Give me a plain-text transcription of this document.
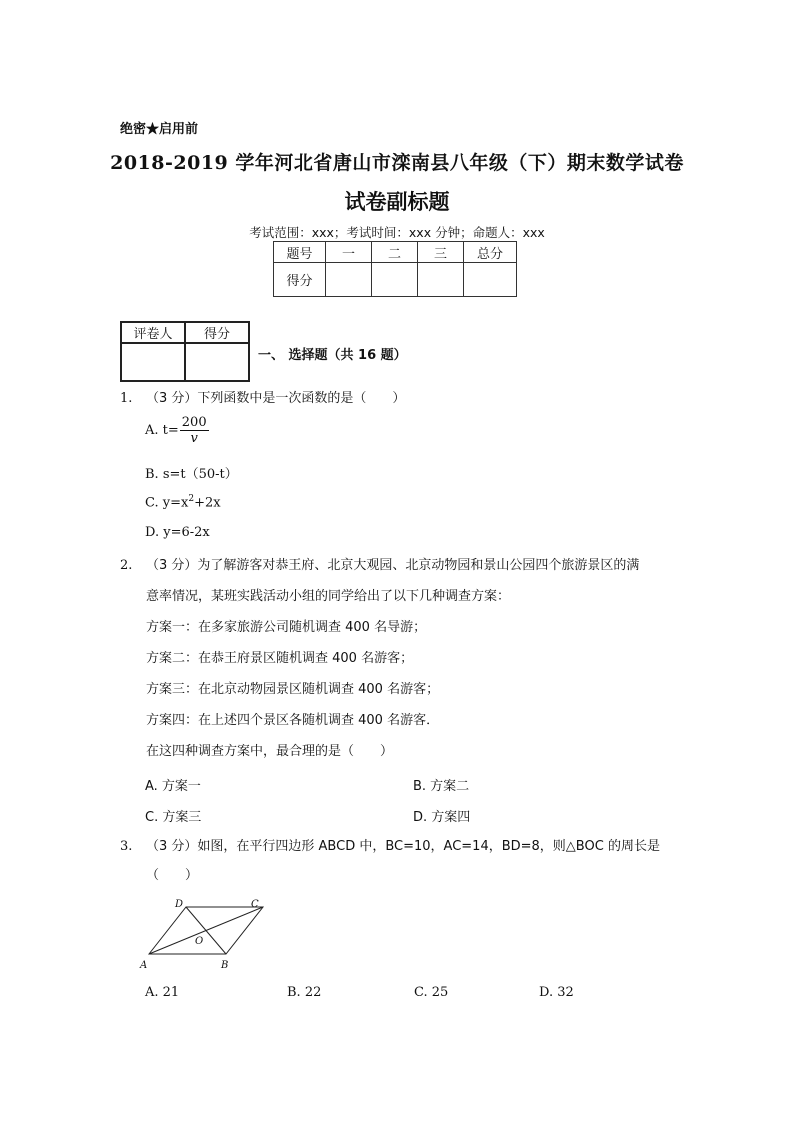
绝密★启用前
2018-2019 学年河北省唐山市滦南县八年级（下）期末数学试卷
试卷副标题
考试范围：xxx；考试时间：xxx 分钟；命题人：xxx
题号	一	二	三	总分
得分				
评卷人	得分

一、 选择题（共 16 题）
1. （3 分）下列函数中是一次函数的是（　　）
A. $t= \frac{200}{v}$
B. s=t（50-t）
C. $y=x^2+2x$
D. y=6-2x
2. （3 分）为了解游客对恭王府、北京大观园、北京动物园和景山公园四个旅游景区的满
意率情况，某班实践活动小组的同学给出了以下几种调查方案：
方案一：在多家旅游公司随机调查 400 名导游；
方案二：在恭王府景区随机调查 400 名游客；
方案三：在北京动物园景区随机调查 400 名游客；
方案四：在上述四个景区各随机调查 400 名游客．
在这四种调查方案中，最合理的是（　　）
A. 方案一	B. 方案二
C. 方案三	D. 方案四
3. （3 分）如图，在平行四边形 ABCD 中，BC=10，AC=14，BD=8，则△BOC 的周长是
（　　）
A	B
C
D
O
A. 21	B. 22	C. 25	D. 32
